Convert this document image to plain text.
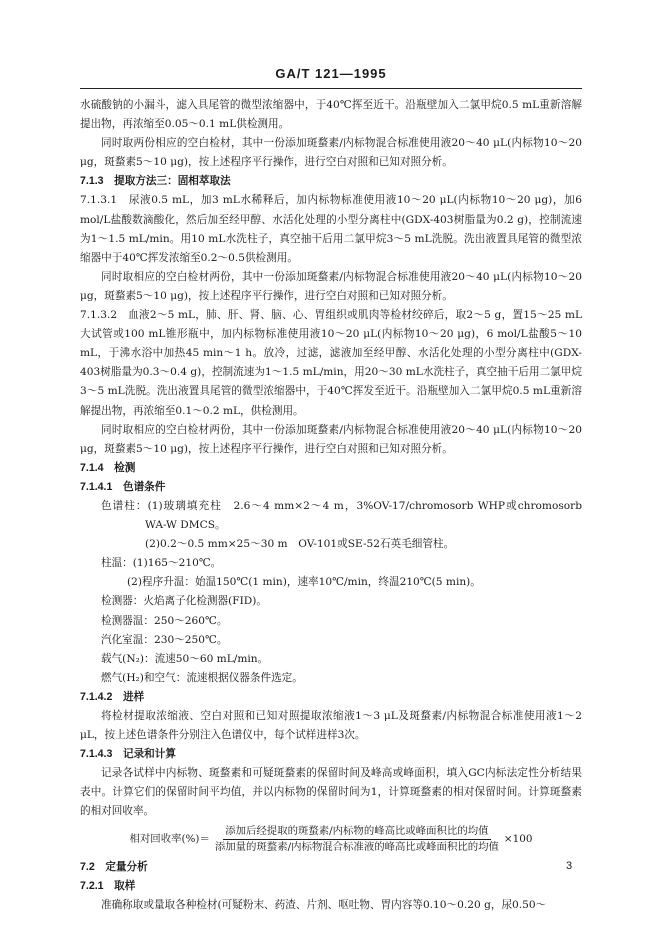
GA/T 121—1995

水硫酸钠的小漏斗，滤入具尾管的微型浓缩器中，于40℃挥至近干。沿瓶壁加入二氯甲烷0.5 mL重新溶解提出物，再浓缩至0.05～0.1 mL供检测用。

同时取两份相应的空白检材，其中一份添加斑蝥素/内标物混合标准使用液20～40 μL(内标物10～20 μg，斑蝥素5～10 μg)，按上述程序平行操作，进行空白对照和已知对照分析。

7.1.3　提取方法三：固相萃取法

7.1.3.1　尿液0.5 mL，加3 mL水稀释后，加内标物标准使用液10～20 μL(内标物10～20 μg)，加6 mol/L盐酸数滴酸化，然后加至经甲醇、水活化处理的小型分离柱中(GDX-403树脂量为0.2 g)，控制流速为1～1.5 mL/min。用10 mL水洗柱子，真空抽干后用二氯甲烷3～5 mL洗脱。洗出液置具尾管的微型浓缩器中于40℃挥发浓缩至0.2～0.5供检测用。

同时取相应的空白检材两份，其中一份添加斑蝥素/内标物混合标准使用液20～40 μL(内标物10～20 μg，斑蝥素5～10 μg)，按上述程序平行操作，进行空白对照和已知对照分析。

7.1.3.2　血液2～5 mL，肺、肝、肾、脑、心、胃组织或肌肉等检材绞碎后，取2～5 g，置15～25 mL大试管或100 mL锥形瓶中，加内标物标准使用液10～20 μL(内标物10～20 μg)，6 mol/L盐酸5～10 mL，于沸水浴中加热45 min～1 h。放冷，过滤，滤液加至经甲醇、水活化处理的小型分离柱中(GDX-403树脂量为0.3～0.4 g)，控制流速为1～1.5 mL/min，用20～30 mL水洗柱子，真空抽干后用二氯甲烷3～5 mL洗脱。洗出液置具尾管的微型浓缩器中，于40℃挥发至近干。沿瓶壁加入二氯甲烷0.5 mL重新溶解提出物，再浓缩至0.1～0.2 mL，供检测用。

同时取相应的空白检材两份，其中一份添加斑蝥素/内标物混合标准使用液20～40 μL(内标物10～20 μg，斑蝥素5～10 μg)，按上述程序平行操作，进行空白对照和已知对照分析。

7.1.4　检测

7.1.4.1　色谱条件

色谱柱：(1)玻璃填充柱　2.6～4 mm×2～4 m，3%OV-17/chromosorb WHP或chromosorb WA-W DMCS。

(2)0.2～0.5 mm×25～30 m　OV-101或SE-52石英毛细管柱。

柱温：(1)165～210℃。

(2)程序升温：始温150℃(1 min)，速率10℃/min，终温210℃(5 min)。

检测器：火焰离子化检测器(FID)。

检测器温：250～260℃。

汽化室温：230～250℃。

载气(N₂)：流速50～60 mL/min。

燃气(H₂)和空气：流速根据仪器条件选定。

7.1.4.2　进样

将检材提取浓缩液、空白对照和已知对照提取浓缩液1～3 μL及斑蝥素/内标物混合标准使用液1～2 μL，按上述色谱条件分别注入色谱仪中，每个试样进样3次。

7.1.4.3　记录和计算

记录各试样中内标物、斑蝥素和可疑斑蝥素的保留时间及峰高或峰面积，填入GC内标法定性分析结果表中。计算它们的保留时间平均值，并以内标物的保留时间为1，计算斑蝥素的相对保留时间。计算斑蝥素的相对回收率。

相对回收率(%)＝ $\frac{\text{添加后经提取的斑蝥素/内标物的峰高比或峰面积比的均值}}{\text{添加量的斑蝥素/内标物混合标准液的峰高比或峰面积比的均值}} \times 100$

7.2　定量分析

7.2.1　取样

准确称取或量取各种检材(可疑粉末、药渣、片剂、呕吐物、胃内容等0.10～0.20 g，尿0.50～

3
